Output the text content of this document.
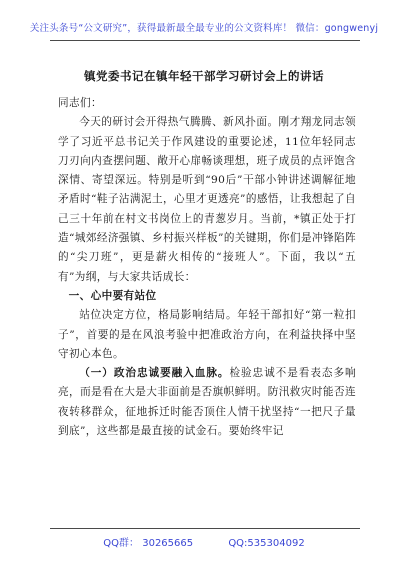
关注头条号“公文研究”，获得最新最全最专业的公文资料库！ 微信：gongwenyj
镇党委书记在镇年轻干部学习研讨会上的讲话

同志们：

今天的研讨会开得热气腾腾、新风扑面。刚才翔龙同志领学了习近平总书记关于作风建设的重要论述，11位年轻同志刀刃向内查摆问题、敞开心扉畅谈理想，班子成员的点评饱含深情、寄望深远。特别是听到“90后”干部小钟讲述调解征地矛盾时“鞋子沾满泥土，心里才更透亮”的感悟，让我想起了自己三十年前在村文书岗位上的青葱岁月。当前，*镇正处于打造“城郊经济强镇、乡村振兴样板”的关键期，你们是冲锋陷阵的“尖刀班”，更是薪火相传的“接班人”。下面，我以“五有”为纲，与大家共话成长：

一、心中要有站位

站位决定方位，格局影响结局。年轻干部扣好“第一粒扣子”，首要的是在风浪考验中把准政治方向，在利益抉择中坚守初心本色。

（一）政治忠诚要融入血脉。检验忠诚不是看表态多响亮，而是看在大是大非面前是否旗帜鲜明。防汛救灾时能否连夜转移群众，征地拆迁时能否顶住人情干扰坚持“一把尺子量到底”，这些都是最直接的试金石。要始终牢记

QQ群： 30265665	QQ:535304092
